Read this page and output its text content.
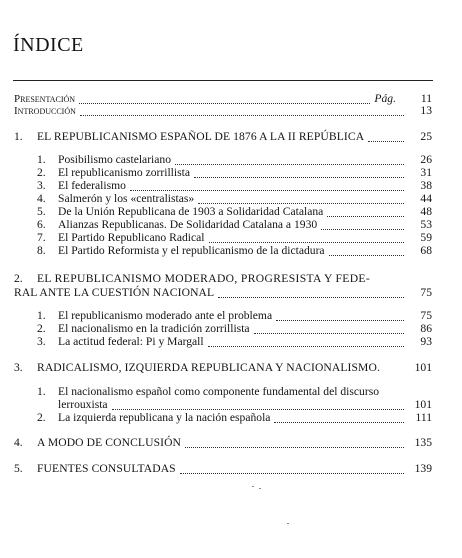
ÍNDICE
Presentación	Pág.	11
Introducción	13
1.	EL REPUBLICANISMO ESPAÑOL DE 1876 A LA II REPÚBLICA	25
1.	Posibilismo castelariano	26
2.	El republicanismo zorrillista	31
3.	El federalismo	38
4.	Salmerón y los «centralistas»	44
5.	De la Unión Republicana de 1903 a Solidaridad Catalana	48
6.	Alianzas Republicanas. De Solidaridad Catalana a 1930	53
7.	El Partido Republicano Radical	59
8.	El Partido Reformista y el republicanismo de la dictadura	68
2.	EL REPUBLICANISMO MODERADO, PROGRESISTA Y FEDE-
RAL ANTE LA CUESTIÓN NACIONAL	75
1.	El republicanismo moderado ante el problema	75
2.	El nacionalismo en la tradición zorrillista	86
3.	La actitud federal: Pi y Margall	93
3.	RADICALISMO, IZQUIERDA REPUBLICANA Y NACIONALISMO.	101
1.	El nacionalismo español como componente fundamental del discurso
lerrouxista	101
2.	La izquierda republicana y la nación española	111
4.	A MODO DE CONCLUSIÓN	135
5.	FUENTES CONSULTADAS	139
